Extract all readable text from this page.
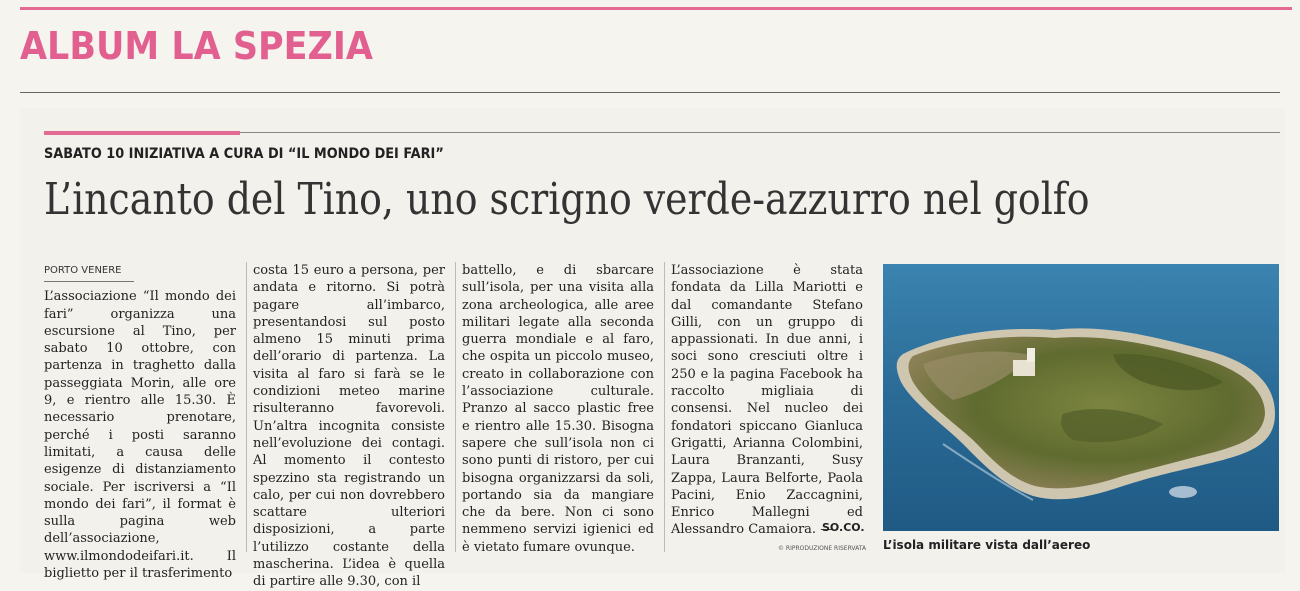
ALBUM LA SPEZIA
SABATO 10 INIZIATIVA A CURA DI “IL MONDO DEI FARI”
L’incanto del Tino, uno scrigno verde-azzurro nel golfo
PORTO VENERE

L’associazione “Il mondo dei fari” organizza una escursione al Tino, per sabato 10 ottobre, con partenza in traghetto dalla passeggiata Morin, alle ore 9, e rientro alle 15.30. È necessario prenotare, perché i posti saranno limitati, a causa delle esigenze di distanziamento sociale. Per iscriversi a “Il mondo dei fari”, il format è sulla pagina web dell’associazione, www.ilmondodeifari.it. Il biglietto per il trasferimento

costa 15 euro a persona, per andata e ritorno. Si potrà pagare all’imbarco, presentandosi sul posto almeno 15 minuti prima dell’orario di partenza. La visita al faro si farà se le condizioni meteo marine risulteranno favorevoli. Un’altra incognita consiste nell’evoluzione dei contagi. Al momento il contesto spezzino sta registrando un calo, per cui non dovrebbero scattare ulteriori disposizioni, a parte l’utilizzo costante della mascherina. L’idea è quella di partire alle 9.30, con il

battello, e di sbarcare sull’isola, per una visita alla zona archeologica, alle aree militari legate alla seconda guerra mondiale e al faro, che ospita un piccolo museo, creato in collaborazione con l’associazione culturale. Pranzo al sacco plastic free e rientro alle 15.30. Bisogna sapere che sull’isola non ci sono punti di ristoro, per cui bisogna organizzarsi da soli, portando sia da mangiare che da bere. Non ci sono nemmeno servizi igienici ed è vietato fumare ovunque.

L’associazione è stata fondata da Lilla Mariotti e dal comandante Stefano Gilli, con un gruppo di appassionati. In due anni, i soci sono cresciuti oltre i 250 e la pagina Facebook ha raccolto migliaia di consensi. Nel nucleo dei fondatori spiccano Gianluca Grigatti, Arianna Colombini, Laura Branzanti, Susy Zappa, Laura Belforte, Paola Pacini, Enio Zaccagnini, Enrico Mallegni ed Alessandro Camaiora. —

SO.CO.
© RIPRODUZIONE RISERVATA L’isola militare vista dall’aereo
